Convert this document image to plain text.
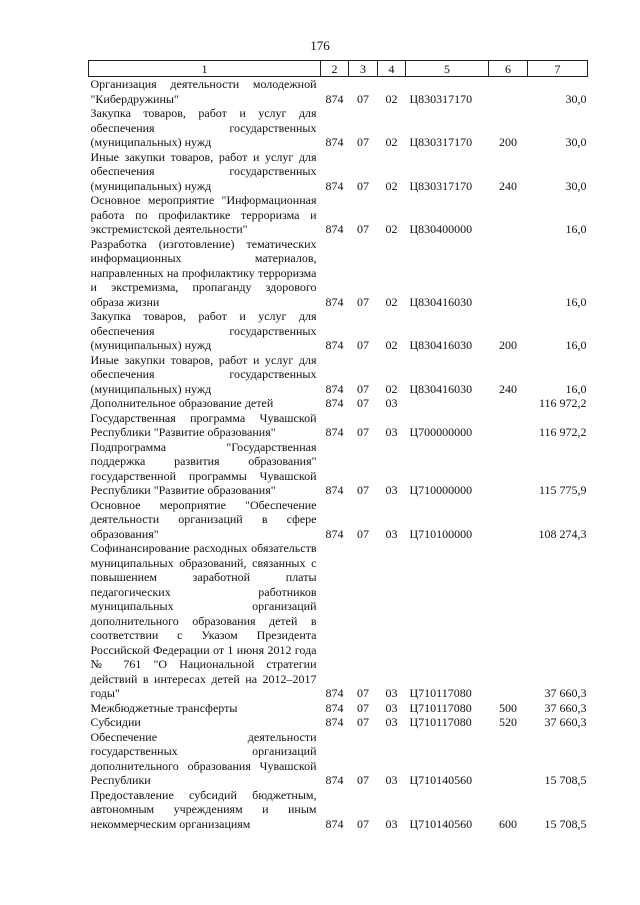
176
1	2	3	4	5	6	7
Организация деятельности молодежной "Кибердружины"	874	07	02	Ц830317170		30,0
Закупка товаров, работ и услуг для обеспечения государственных (муниципальных) нужд	874	07	02	Ц830317170	200	30,0
Иные закупки товаров, работ и услуг для обеспечения государственных (муниципальных) нужд	874	07	02	Ц830317170	240	30,0
Основное мероприятие "Информационная работа по профилактике терроризма и экстремистской деятельности"	874	07	02	Ц830400000		16,0
Разработка (изготовление) тематических информационных материалов, направленных на профилактику терроризма и экстремизма, пропаганду здорового образа жизни	874	07	02	Ц830416030		16,0
Закупка товаров, работ и услуг для обеспечения государственных (муниципальных) нужд	874	07	02	Ц830416030	200	16,0
Иные закупки товаров, работ и услуг для обеспечения государственных (муниципальных) нужд	874	07	02	Ц830416030	240	16,0
Дополнительное образование детей	874	07	03			116 972,2
Государственная программа Чувашской Республики "Развитие образования"	874	07	03	Ц700000000		116 972,2
Подпрограмма "Государственная поддержка развития образования" государственной программы Чувашской Республики "Развитие образования"	874	07	03	Ц710000000		115 775,9
Основное мероприятие "Обеспечение деятельности организаций в сфере образования"	874	07	03	Ц710100000		108 274,3
Софинансирование расходных обязательств муниципальных образований, связанных с повышением заработной платы педагогических работников муниципальных организаций дополнительного образования детей в соответствии с Указом Президента Российской Федерации от 1 июня 2012 года № 761 "О Национальной стратегии действий в интересах детей на 2012–2017 годы"	874	07	03	Ц710117080		37 660,3
Межбюджетные трансферты	874	07	03	Ц710117080	500	37 660,3
Субсидии	874	07	03	Ц710117080	520	37 660,3
Обеспечение деятельности государственных организаций дополнительного образования Чувашской Республики	874	07	03	Ц710140560		15 708,5
Предоставление субсидий бюджетным, автономным учреждениям и иным некоммерческим организациям	874	07	03	Ц710140560	600	15 708,5
